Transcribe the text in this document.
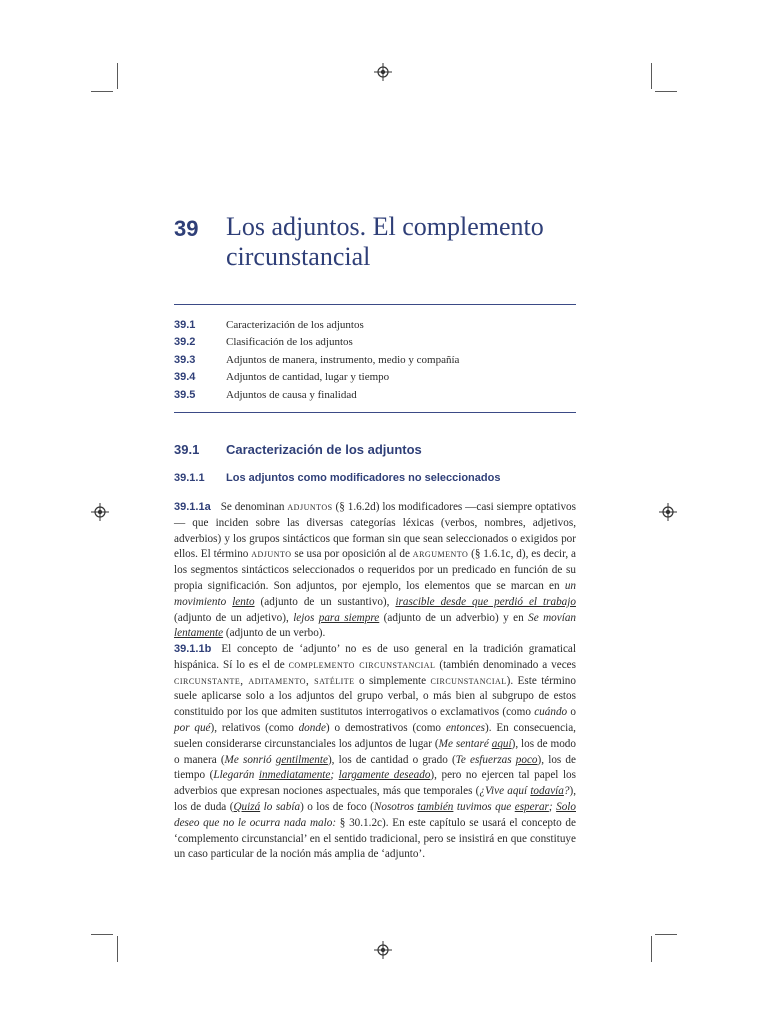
39 Los adjuntos. El complemento circunstancial
39.1	Caracterización de los adjuntos
39.2	Clasificación de los adjuntos
39.3	Adjuntos de manera, instrumento, medio y compañía
39.4	Adjuntos de cantidad, lugar y tiempo
39.5	Adjuntos de causa y finalidad
39.1 Caracterización de los adjuntos
39.1.1 Los adjuntos como modificadores no seleccionados
39.1.1a Se denominan adjuntos (§ 1.6.2d) los modificadores —casi siempre optativos— que inciden sobre las diversas categorías léxicas (verbos, nombres, adjetivos, adverbios) y los grupos sintácticos que forman sin que sean seleccionados o exigidos por ellos. El término adjunto se usa por oposición al de argumento (§ 1.6.1c, d), es decir, a los segmentos sintácticos seleccionados o requeridos por un predicado en función de su propia significación. Son adjuntos, por ejemplo, los elementos que se marcan en un movimiento lento (adjunto de un sustantivo), irascible desde que perdió el trabajo (adjunto de un adjetivo), lejos para siempre (adjunto de un adverbio) y en Se movían lentamente (adjunto de un verbo).
39.1.1b El concepto de ‘adjunto’ no es de uso general en la tradición gramatical hispánica. Sí lo es el de complemento circunstancial (también denominado a veces circunstante, aditamento, satélite o simplemente circunstancial). Este término suele aplicarse solo a los adjuntos del grupo verbal, o más bien al subgrupo de estos constituido por los que admiten sustitutos interrogativos o exclamativos (como cuándo o por qué), relativos (como donde) o demostrativos (como entonces). En consecuencia, suelen considerarse circunstanciales los adjuntos de lugar (Me sentaré aquí), los de modo o manera (Me sonrió gentilmente), los de cantidad o grado (Te esfuerzas poco), los de tiempo (Llegarán inmediatamente; largamente deseado), pero no ejercen tal papel los adverbios que expresan nociones aspectuales, más que temporales (¿Vive aquí todavía?), los de duda (Quizá lo sabía) o los de foco (Nosotros también tuvimos que esperar; Solo deseo que no le ocurra nada malo: § 30.1.2c). En este capítulo se usará el concepto de ‘complemento circunstancial’ en el sentido tradicional, pero se insistirá en que constituye un caso particular de la noción más amplia de ‘adjunto’.
